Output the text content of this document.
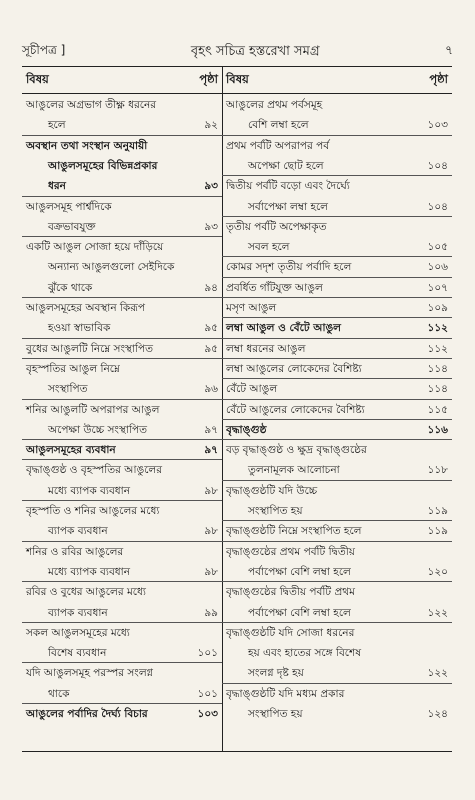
সূচীপত্র ]	বৃহৎ সচিত্র হস্তরেখা সমগ্র	৭
বিষয়	পৃষ্ঠা
আঙুলের অগ্রভাগ তীক্ষ্ণ ধরনের
হলে	৯২
অবস্থান তথা সংস্থান অনুযায়ী
আঙুলসমূহের বিভিন্নপ্রকার
ধরন	৯৩
আঙুলসমূহ পার্শ্বদিকে
বক্রভাবযুক্ত	৯৩
একটি আঙুল সোজা হয়ে দাঁড়িয়ে
অন্যান্য আঙুলগুলো সেইদিকে
ঝুঁকে থাকে	৯৪
আঙুলসমূহের অবস্থান কিরূপ
হওয়া স্বাভাবিক	৯৫
বুধের আঙুলটি নিম্নে সংস্থাপিত	৯৫
বৃহস্পতির আঙুল নিম্নে
সংস্থাপিত	৯৬
শনির আঙুলটি অপরাপর আঙুল
অপেক্ষা উচ্চে সংস্থাপিত	৯৭
আঙুলসমূহের ব্যবধান	৯৭
বৃদ্ধাঙ্গুষ্ঠ ও বৃহস্পতির আঙুলের
মধ্যে ব্যাপক ব্যবধান	৯৮
বৃহস্পতি ও শনির আঙুলের মধ্যে
ব্যাপক ব্যবধান	৯৮
শনির ও রবির আঙুলের
মধ্যে ব্যাপক ব্যবধান	৯৮
রবির ও বুধের আঙুলের মধ্যে
ব্যাপক ব্যবধান	৯৯
সকল আঙুলসমূহের মধ্যে
বিশেষ ব্যবধান	১০১
যদি আঙুলসমূহ পরস্পর সংলগ্ন
থাকে	১০১
আঙুলের পর্বাদির দৈর্ঘ্য বিচার	১০৩
বিষয়	পৃষ্ঠা
আঙুলের প্রথম পর্বসমূহ
বেশি লম্বা হলে	১০৩
প্রথম পর্বটি অপরাপর পর্ব
অপেক্ষা ছোট হলে	১০৪
দ্বিতীয় পর্বটি বড়ো এবং দৈর্ঘ্যে
সর্বাপেক্ষা লম্বা হলে	১০৪
তৃতীয় পর্বটি অপেক্ষাকৃত
সবল হলে	১০৫
কোমর সদৃশ তৃতীয় পর্বাদি হলে	১০৬
প্রবর্ধিত গাঁটযুক্ত আঙুল	১০৭
মসৃণ আঙুল	১০৯
লম্বা আঙুল ও বেঁটে আঙুল	১১২
লম্বা ধরনের আঙুল	১১২
লম্বা আঙুলের লোকেদের বৈশিষ্ট্য	১১৪
বেঁটে আঙুল	১১৪
বেঁটে আঙুলের লোকেদের বৈশিষ্ট্য	১১৫
বৃদ্ধাঙ্গুষ্ঠ	১১৬
বড় বৃদ্ধাঙ্গুষ্ঠ ও ক্ষুদ্র বৃদ্ধাঙ্গুষ্ঠের
তুলনামূলক আলোচনা	১১৮
বৃদ্ধাঙ্গুষ্ঠটি যদি উচ্চে
সংস্থাপিত হয়	১১৯
বৃদ্ধাঙ্গুষ্ঠটি নিম্নে সংস্থাপিত হলে	১১৯
বৃদ্ধাঙ্গুষ্ঠের প্রথম পর্বটি দ্বিতীয়
পর্বাপেক্ষা বেশি লম্বা হলে	১২০
বৃদ্ধাঙ্গুষ্ঠের দ্বিতীয় পর্বটি প্রথম
পর্বাপেক্ষা বেশি লম্বা হলে	১২২
বৃদ্ধাঙ্গুষ্ঠটি যদি সোজা ধরনের
হয় এবং হাতের সঙ্গে বিশেষ
সংলগ্ন দৃষ্ট হয়	১২২
বৃদ্ধাঙ্গুষ্ঠটি যদি মধ্যম প্রকার
সংস্থাপিত হয়	১২৪
